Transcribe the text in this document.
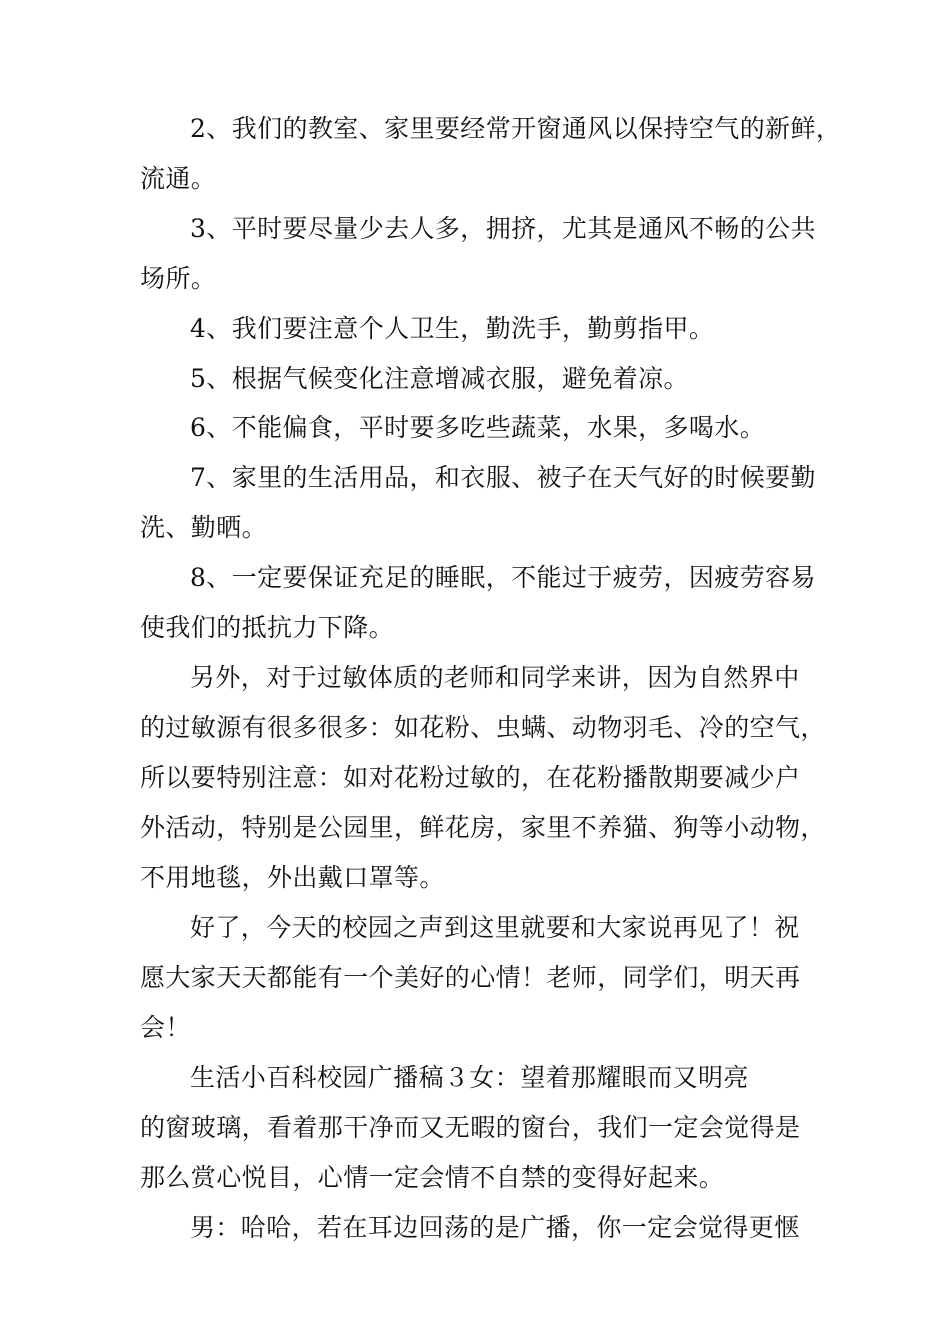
2、我们的教室、家里要经常开窗通风以保持空气的新鲜，
流通。
3、平时要尽量少去人多，拥挤，尤其是通风不畅的公共
场所。
4、我们要注意个人卫生，勤洗手，勤剪指甲。
5、根据气候变化注意增减衣服，避免着凉。
6、不能偏食，平时要多吃些蔬菜，水果，多喝水。
7、家里的生活用品，和衣服、被子在天气好的时候要勤
洗、勤晒。
8、一定要保证充足的睡眠，不能过于疲劳，因疲劳容易
使我们的抵抗力下降。
另外，对于过敏体质的老师和同学来讲，因为自然界中
的过敏源有很多很多：如花粉、虫螨、动物羽毛、冷的空气，
所以要特别注意：如对花粉过敏的，在花粉播散期要减少户
外活动，特别是公园里，鲜花房，家里不养猫、狗等小动物，
不用地毯，外出戴口罩等。
好了，今天的校园之声到这里就要和大家说再见了！祝
愿大家天天都能有一个美好的心情！老师，同学们，明天再
会！
生活小百科校园广播稿３女：望着那耀眼而又明亮
的窗玻璃，看着那干净而又无暇的窗台，我们一定会觉得是
那么赏心悦目，心情一定会情不自禁的变得好起来。
男：哈哈，若在耳边回荡的是广播，你一定会觉得更惬
